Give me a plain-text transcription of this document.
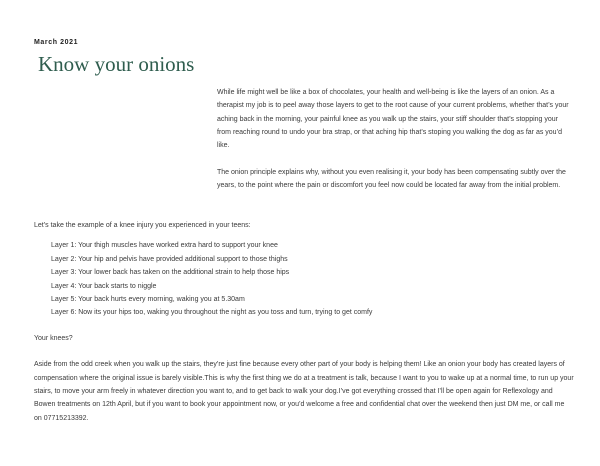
March 2021
Know your onions

While life might well be like a box of chocolates, your health and well-being is like the layers of an onion. As a therapist my job is to peel away those layers to get to the root cause of your current problems, whether that’s your aching back in the morning, your painful knee as you walk up the stairs, your stiff shoulder that’s stopping your from reaching round to undo your bra strap, or that aching hip that’s stoping you walking the dog as far as you’d like.

The onion principle explains why, without you even realising it, your body has been compensating subtly over the years, to the point where the pain or discomfort you feel now could be located far away from the initial problem.

Let’s take the example of a knee injury you experienced in your teens:

Layer 1: Your thigh muscles have worked extra hard to support your knee
Layer 2: Your hip and pelvis have provided additional support to those thighs
Layer 3: Your lower back has taken on the additional strain to help those hips
Layer 4: Your back starts to niggle
Layer 5: Your back hurts every morning, waking you at 5.30am
Layer 6: Now its your hips too, waking you throughout the night as you toss and turn, trying to get comfy

Your knees?

Aside from the odd creek when you walk up the stairs, they’re just fine because every other part of your body is helping them! Like an onion your body has created layers of compensation where the original issue is barely visible.This is why the first thing we do at a treatment is talk, because I want to you to wake up at a normal time, to run up your stairs, to move your arm freely in whatever direction you want to, and to get back to walk your dog.I’ve got everything crossed that I’ll be open again for Reflexology and Bowen treatments on 12th April, but if you want to book your appointment now, or you’d welcome a free and confidential chat over the weekend then just DM me, or call me on 07715213392.
